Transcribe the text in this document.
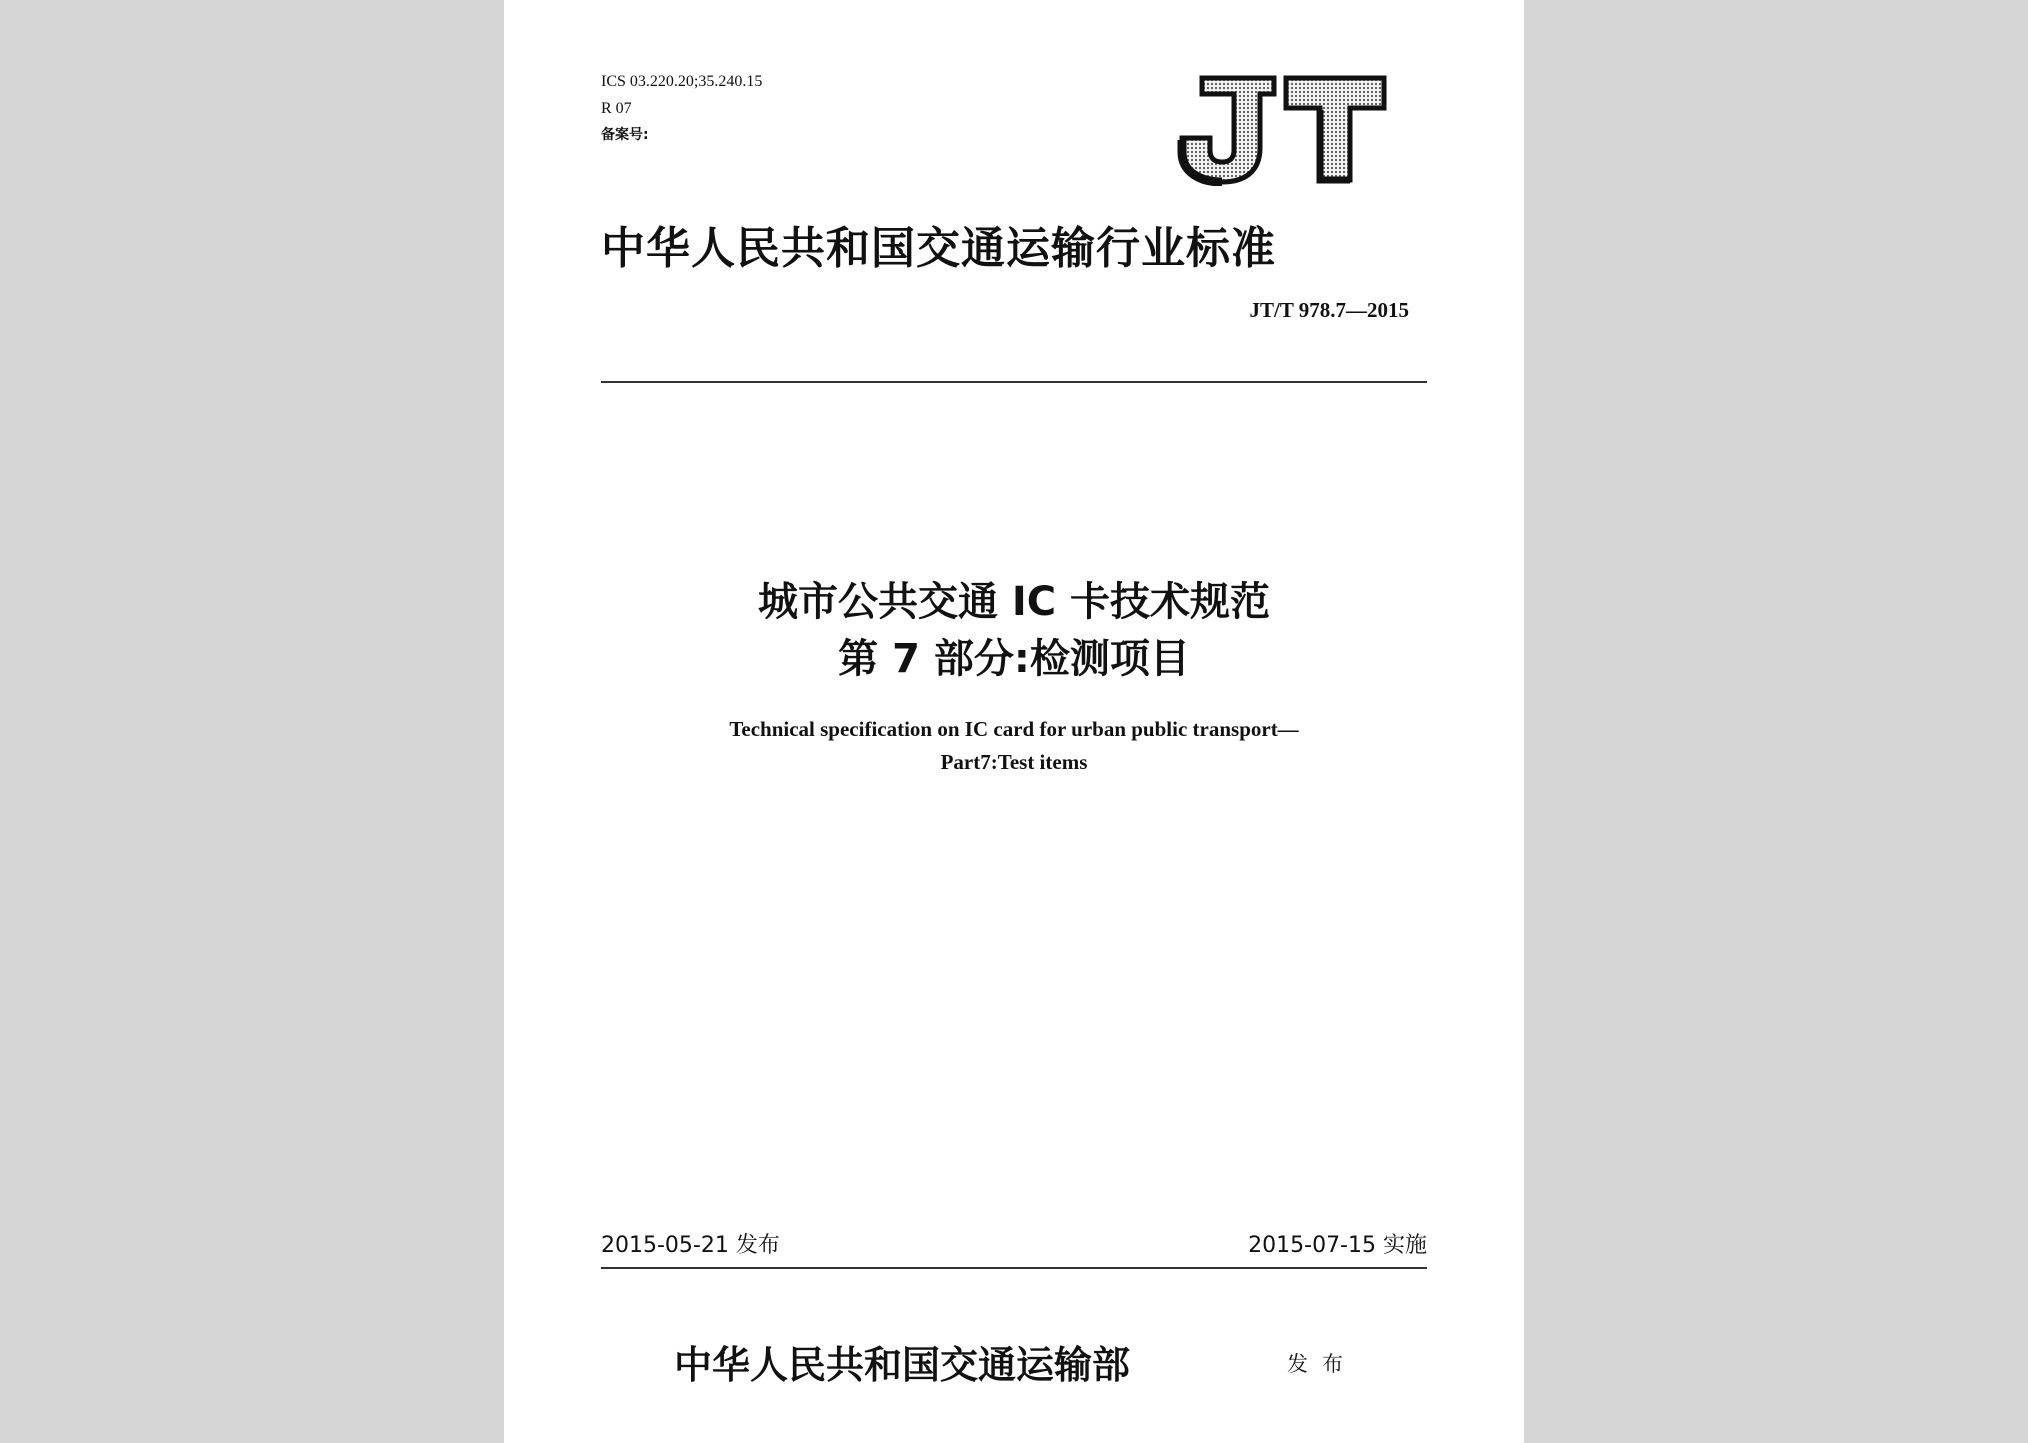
ICS 03.220.20;35.240.15
R 07
备案号:
中华人民共和国交通运输行业标准
JT/T 978.7—2015
城市公共交通 IC 卡技术规范
第 7 部分:检测项目
Technical specification on IC card for urban public transport—
Part7:Test items
2015-05-21 发布	2015-07-15 实施
中华人民共和国交通运输部	发布
